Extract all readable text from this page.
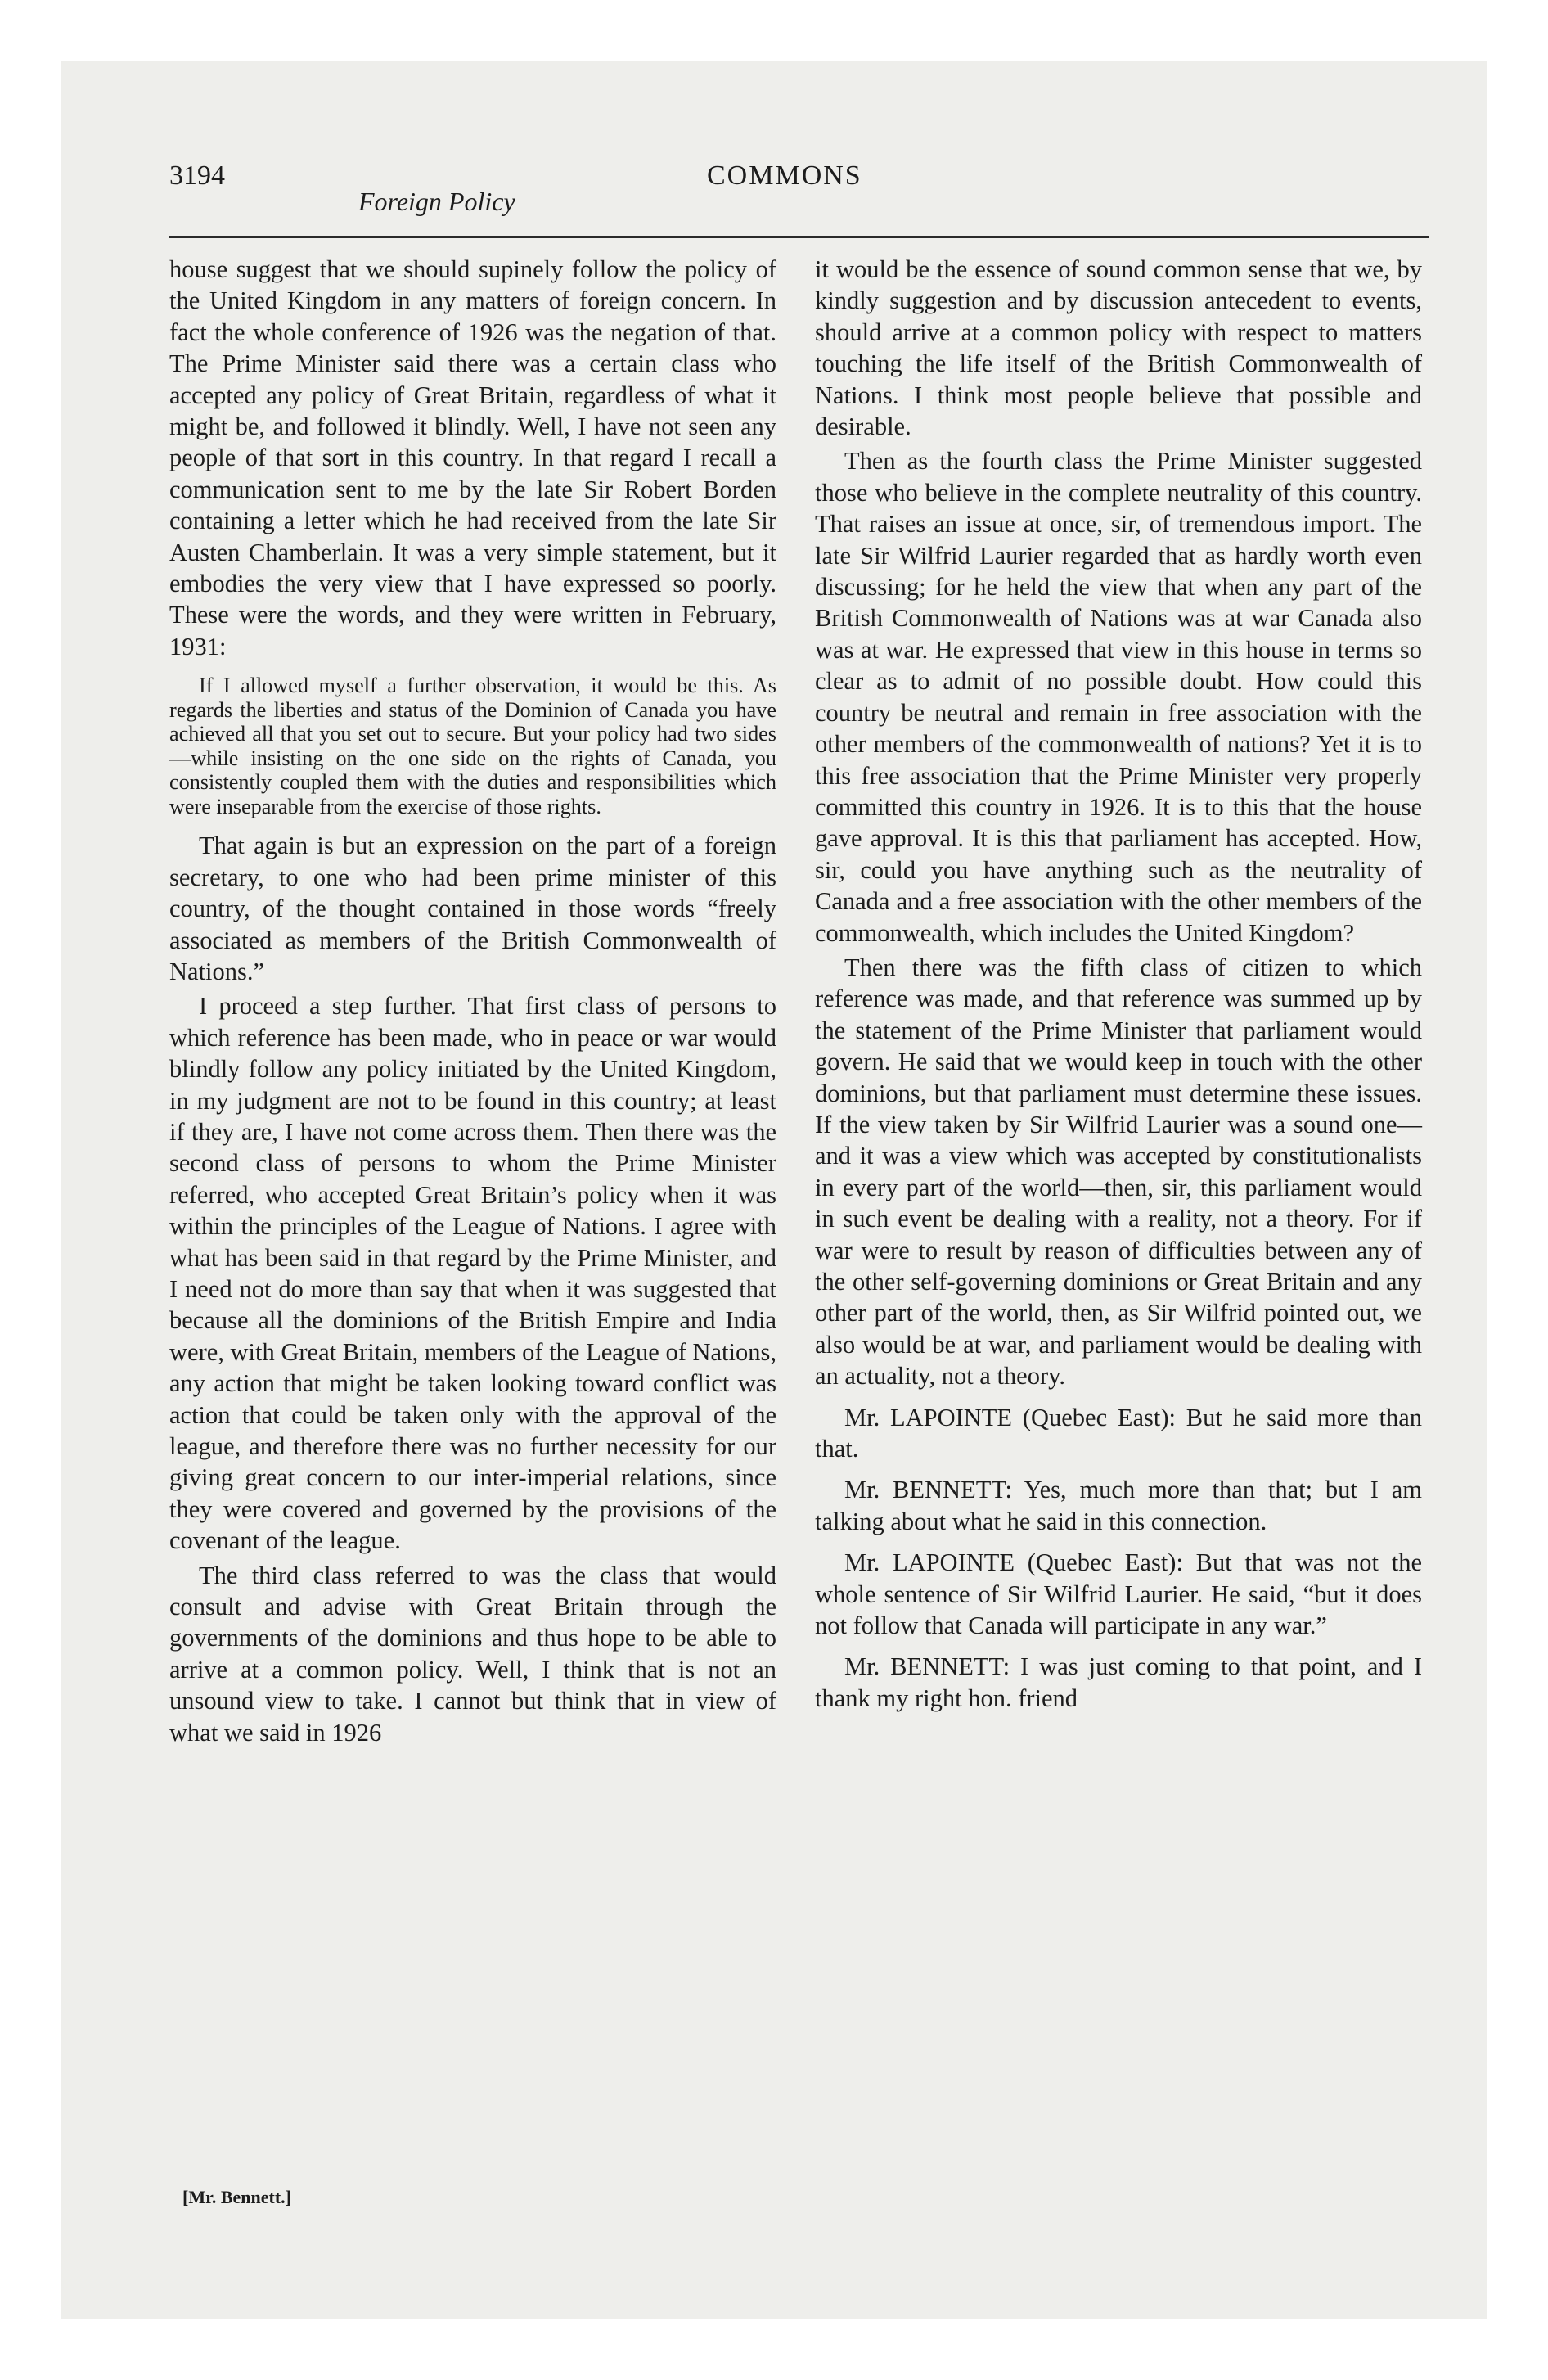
3194	COMMONS
Foreign Policy

house suggest that we should supinely follow the policy of the United Kingdom in any matters of foreign concern. In fact the whole conference of 1926 was the negation of that. The Prime Minister said there was a certain class who accepted any policy of Great Britain, regardless of what it might be, and followed it blindly. Well, I have not seen any people of that sort in this country. In that regard I recall a communication sent to me by the late Sir Robert Borden containing a letter which he had received from the late Sir Austen Chamberlain. It was a very simple statement, but it embodies the very view that I have expressed so poorly. These were the words, and they were written in February, 1931:

If I allowed myself a further observation, it would be this. As regards the liberties and status of the Dominion of Canada you have achieved all that you set out to secure. But your policy had two sides—while insisting on the one side on the rights of Canada, you consistently coupled them with the duties and responsibilities which were inseparable from the exercise of those rights.

That again is but an expression on the part of a foreign secretary, to one who had been prime minister of this country, of the thought contained in those words “freely associated as members of the British Commonwealth of Nations.”

I proceed a step further. That first class of persons to which reference has been made, who in peace or war would blindly follow any policy initiated by the United Kingdom, in my judgment are not to be found in this country; at least if they are, I have not come across them. Then there was the second class of persons to whom the Prime Minister referred, who accepted Great Britain’s policy when it was within the principles of the League of Nations. I agree with what has been said in that regard by the Prime Minister, and I need not do more than say that when it was suggested that because all the dominions of the British Empire and India were, with Great Britain, members of the League of Nations, any action that might be taken looking toward conflict was action that could be taken only with the approval of the league, and therefore there was no further necessity for our giving great concern to our inter-imperial relations, since they were covered and governed by the provisions of the covenant of the league.

The third class referred to was the class that would consult and advise with Great Britain through the governments of the dominions and thus hope to be able to arrive at a common policy. Well, I think that is not an unsound view to take. I cannot but think that in view of what we said in 1926

it would be the essence of sound common sense that we, by kindly suggestion and by discussion antecedent to events, should arrive at a common policy with respect to matters touching the life itself of the British Commonwealth of Nations. I think most people believe that possible and desirable.

Then as the fourth class the Prime Minister suggested those who believe in the complete neutrality of this country. That raises an issue at once, sir, of tremendous import. The late Sir Wilfrid Laurier regarded that as hardly worth even discussing; for he held the view that when any part of the British Commonwealth of Nations was at war Canada also was at war. He expressed that view in this house in terms so clear as to admit of no possible doubt. How could this country be neutral and remain in free association with the other members of the commonwealth of nations? Yet it is to this free association that the Prime Minister very properly committed this country in 1926. It is to this that the house gave approval. It is this that parliament has accepted. How, sir, could you have anything such as the neutrality of Canada and a free association with the other members of the commonwealth, which includes the United Kingdom?

Then there was the fifth class of citizen to which reference was made, and that reference was summed up by the statement of the Prime Minister that parliament would govern. He said that we would keep in touch with the other dominions, but that parliament must determine these issues. If the view taken by Sir Wilfrid Laurier was a sound one—and it was a view which was accepted by constitutionalists in every part of the world—then, sir, this parliament would in such event be dealing with a reality, not a theory. For if war were to result by reason of difficulties between any of the other self-governing dominions or Great Britain and any other part of the world, then, as Sir Wilfrid pointed out, we also would be at war, and parliament would be dealing with an actuality, not a theory.

Mr. LAPOINTE (Quebec East): But he said more than that.

Mr. BENNETT: Yes, much more than that; but I am talking about what he said in this connection.

Mr. LAPOINTE (Quebec East): But that was not the whole sentence of Sir Wilfrid Laurier. He said, “but it does not follow that Canada will participate in any war.”

Mr. BENNETT: I was just coming to that point, and I thank my right hon. friend

[Mr. Bennett.]
